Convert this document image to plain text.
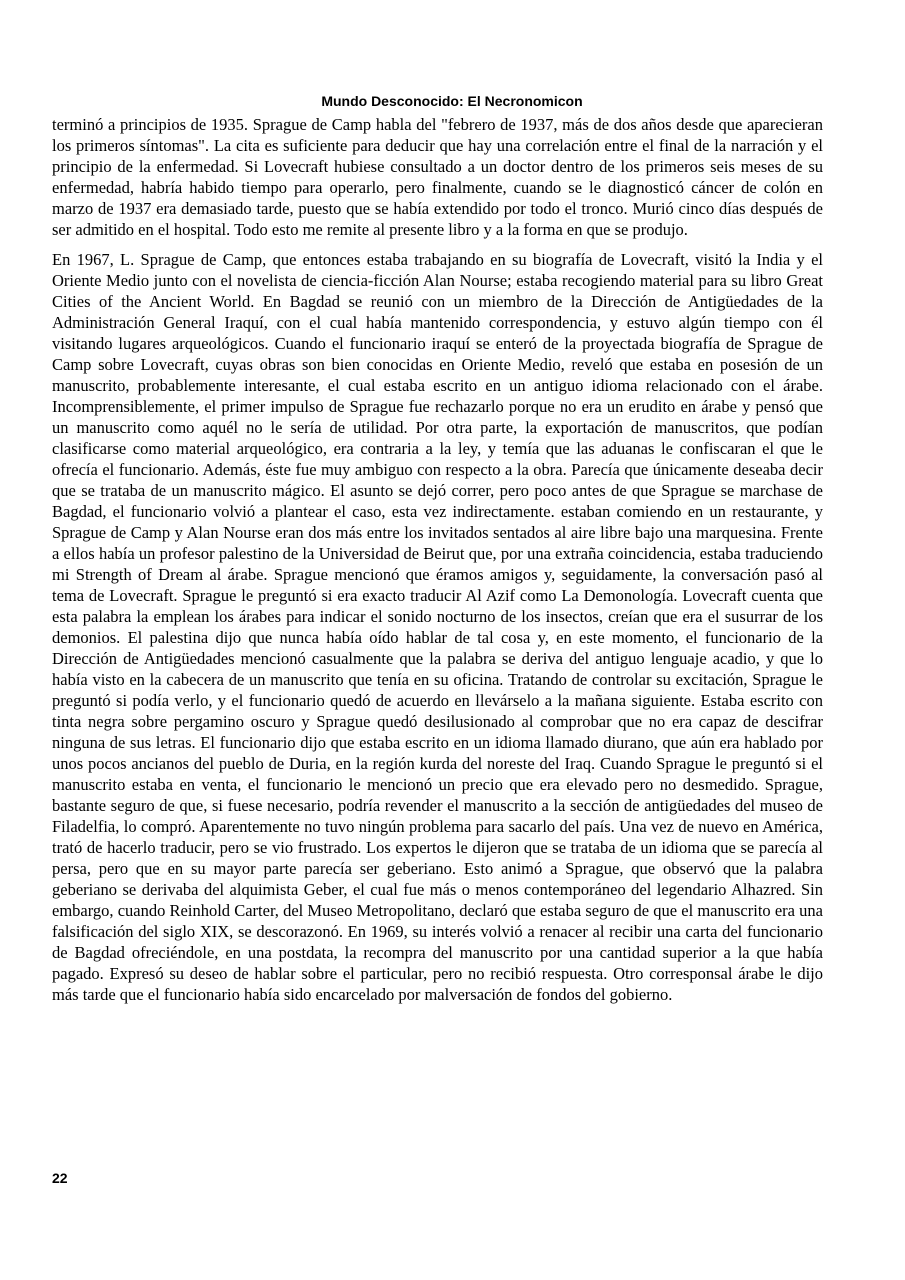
Mundo Desconocido: El Necronomicon

terminó a principios de 1935. Sprague de Camp habla del "febrero de 1937, más de dos años desde que aparecieran los primeros síntomas". La cita es suficiente para deducir que hay una correlación entre el final de la narración y el principio de la enfermedad. Si Lovecraft hubiese consultado a un doctor dentro de los primeros seis meses de su enfermedad, habría habido tiempo para operarlo, pero finalmente, cuando se le diagnosticó cáncer de colón en marzo de 1937 era demasiado tarde, puesto que se había extendido por todo el tronco. Murió cinco días después de ser admitido en el hospital. Todo esto me remite al presente libro y a la forma en que se produjo.

En 1967, L. Sprague de Camp, que entonces estaba trabajando en su biografía de Lovecraft, visitó la India y el Oriente Medio junto con el novelista de ciencia-ficción Alan Nourse; estaba recogiendo material para su libro Great Cities of the Ancient World. En Bagdad se reunió con un miembro de la Dirección de Antigüedades de la Administración General Iraquí, con el cual había mantenido correspondencia, y estuvo algún tiempo con él visitando lugares arqueológicos. Cuando el funcionario iraquí se enteró de la proyectada biografía de Sprague de Camp sobre Lovecraft, cuyas obras son bien conocidas en Oriente Medio, reveló que estaba en posesión de un manuscrito, probablemente interesante, el cual estaba escrito en un antiguo idioma relacionado con el árabe. Incomprensiblemente, el primer impulso de Sprague fue rechazarlo porque no era un erudito en árabe y pensó que un manuscrito como aquél no le sería de utilidad. Por otra parte, la exportación de manuscritos, que podían clasificarse como material arqueológico, era contraria a la ley, y temía que las aduanas le confiscaran el que le ofrecía el funcionario. Además, éste fue muy ambiguo con respecto a la obra. Parecía que únicamente deseaba decir que se trataba de un manuscrito mágico. El asunto se dejó correr, pero poco antes de que Sprague se marchase de Bagdad, el funcionario volvió a plantear el caso, esta vez indirectamente. estaban comiendo en un restaurante, y Sprague de Camp y Alan Nourse eran dos más entre los invitados sentados al aire libre bajo una marquesina. Frente a ellos había un profesor palestino de la Universidad de Beirut que, por una extraña coincidencia, estaba traduciendo mi Strength of Dream al árabe. Sprague mencionó que éramos amigos y, seguidamente, la conversación pasó al tema de Lovecraft. Sprague le preguntó si era exacto traducir Al Azif como La Demonología. Lovecraft cuenta que esta palabra la emplean los árabes para indicar el sonido nocturno de los insectos, creían que era el susurrar de los demonios. El palestina dijo que nunca había oído hablar de tal cosa y, en este momento, el funcionario de la Dirección de Antigüedades mencionó casualmente que la palabra se deriva del antiguo lenguaje acadio, y que lo había visto en la cabecera de un manuscrito que tenía en su oficina. Tratando de controlar su excitación, Sprague le preguntó si podía verlo, y el funcionario quedó de acuerdo en llevárselo a la mañana siguiente. Estaba escrito con tinta negra sobre pergamino oscuro y Sprague quedó desilusionado al comprobar que no era capaz de descifrar ninguna de sus letras. El funcionario dijo que estaba escrito en un idioma llamado diurano, que aún era hablado por unos pocos ancianos del pueblo de Duria, en la región kurda del noreste del Iraq. Cuando Sprague le preguntó si el manuscrito estaba en venta, el funcionario le mencionó un precio que era elevado pero no desmedido. Sprague, bastante seguro de que, si fuese necesario, podría revender el manuscrito a la sección de antigüedades del museo de Filadelfia, lo compró. Aparentemente no tuvo ningún problema para sacarlo del país. Una vez de nuevo en América, trató de hacerlo traducir, pero se vio frustrado. Los expertos le dijeron que se trataba de un idioma que se parecía al persa, pero que en su mayor parte parecía ser geberiano. Esto animó a Sprague, que observó que la palabra geberiano se derivaba del alquimista Geber, el cual fue más o menos contemporáneo del legendario Alhazred. Sin embargo, cuando Reinhold Carter, del Museo Metropolitano, declaró que estaba seguro de que el manuscrito era una falsificación del siglo XIX, se descorazonó. En 1969, su interés volvió a renacer al recibir una carta del funcionario de Bagdad ofreciéndole, en una postdata, la recompra del manuscrito por una cantidad superior a la que había pagado. Expresó su deseo de hablar sobre el particular, pero no recibió respuesta. Otro corresponsal árabe le dijo más tarde que el funcionario había sido encarcelado por malversación de fondos del gobierno.

22
